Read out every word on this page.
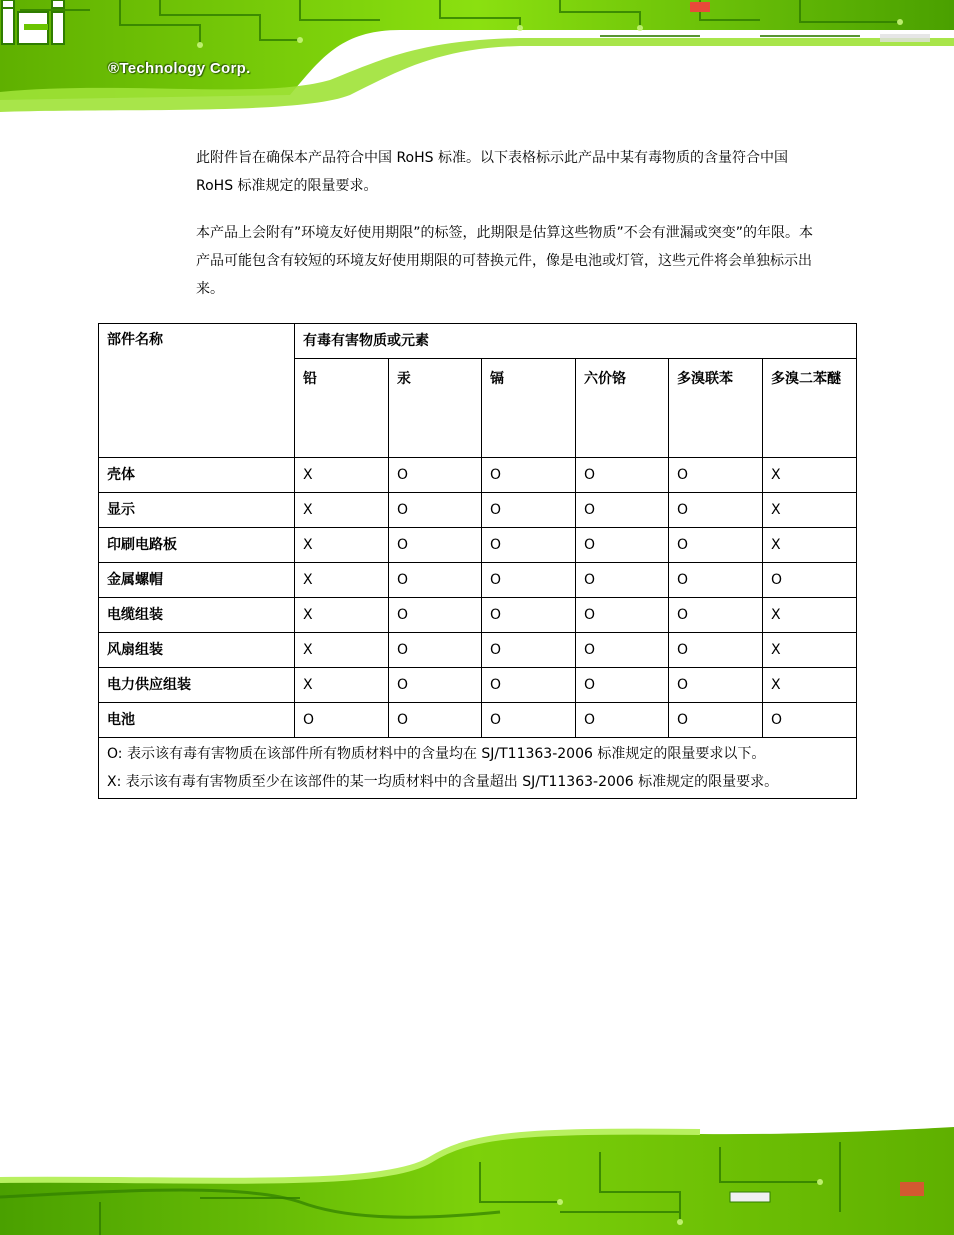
®Technology Corp.

此附件旨在确保本产品符合中国 RoHS 标准。以下表格标示此产品中某有毒物质的含量符合中国 RoHS 标准规定的限量要求。

本产品上会附有”环境友好使用期限”的标签，此期限是估算这些物质”不会有泄漏或突变”的年限。本产品可能包含有较短的环境友好使用期限的可替换元件，像是电池或灯管，这些元件将会单独标示出来。

部件名称	有毒有害物质或元素					
	铅	汞	镉	六价铬	多溴联苯	多溴二苯醚
壳体	X	O	O	O	O	X
显示	X	O	O	O	O	X
印刷电路板	X	O	O	O	O	X
金属螺帽	X	O	O	O	O	O
电缆组装	X	O	O	O	O	X
风扇组装	X	O	O	O	O	X
电力供应组装	X	O	O	O	O	X
电池	O	O	O	O	O	O

O: 表示该有毒有害物质在该部件所有物质材料中的含量均在 SJ/T11363-2006 标准规定的限量要求以下。
X: 表示该有毒有害物质至少在该部件的某一均质材料中的含量超出 SJ/T11363-2006 标准规定的限量要求。						
